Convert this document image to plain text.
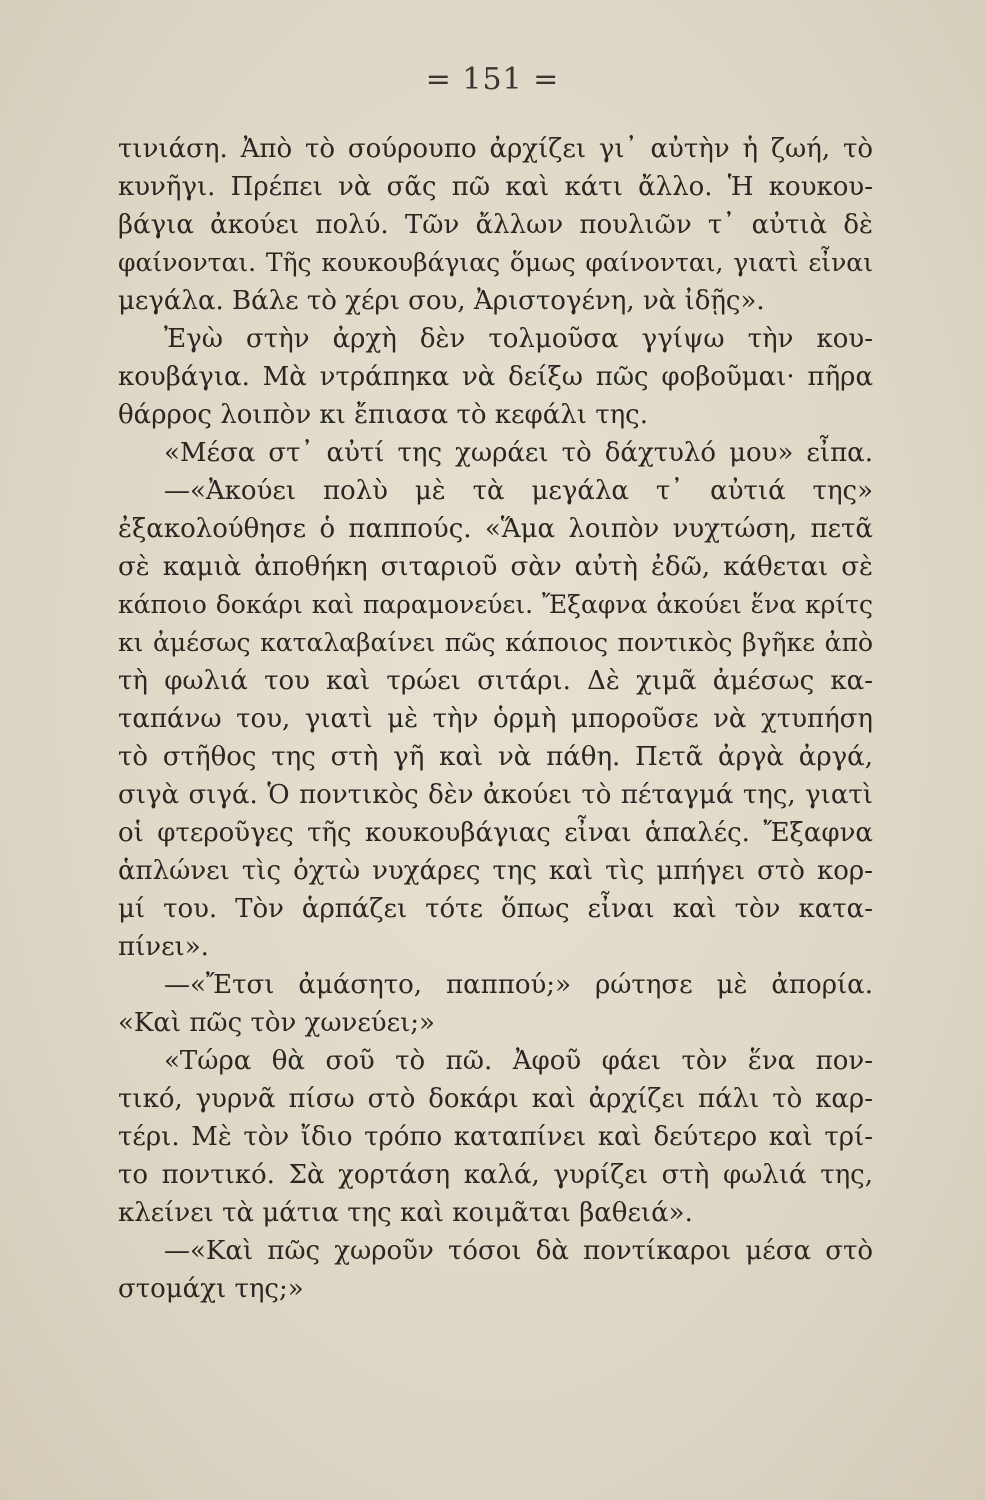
= 151 =
τινιάση. Ἀπὸ τὸ σούρουπο ἀρχίζει γι᾽ αὐτὴν ἡ ζωή, τὸ
κυνῆγι. Πρέπει νὰ σᾶς πῶ καὶ κάτι ἄλλο. Ἡ κουκου-
βάγια ἀκούει πολύ. Τῶν ἄλλων πουλιῶν τ᾽ αὐτιὰ δὲ
φαίνονται. Τῆς κουκουβάγιας ὅμως φαίνονται, γιατὶ εἶναι
μεγάλα. Βάλε τὸ χέρι σου, Ἀριστογένη, νὰ ἰδῇς».
Ἐγὼ στὴν ἀρχὴ δὲν τολμοῦσα γγίψω τὴν κου-
κουβάγια. Μὰ ντράπηκα νὰ δείξω πῶς φοβοῦμαι· πῆρα
θάρρος λοιπὸν κι ἔπιασα τὸ κεφάλι της.
«Μέσα στ᾽ αὐτί της χωράει τὸ δάχτυλό μου» εἶπα.
—«Ἀκούει πολὺ μὲ τὰ μεγάλα τ᾽ αὐτιά της»
ἐξακολούθησε ὁ παππούς. «Ἅμα λοιπὸν νυχτώση, πετᾶ
σὲ καμιὰ ἀποθήκη σιταριοῦ σὰν αὐτὴ ἐδῶ, κάθεται σὲ
κάποιο δοκάρι καὶ παραμονεύει. Ἔξαφνα ἀκούει ἕνα κρίτς
κι ἀμέσως καταλαβαίνει πῶς κάποιος ποντικὸς βγῆκε ἀπὸ
τὴ φωλιά του καὶ τρώει σιτάρι. Δὲ χιμᾶ ἀμέσως κα-
ταπάνω του, γιατὶ μὲ τὴν ὁρμὴ μποροῦσε νὰ χτυπήση
τὸ στῆθος της στὴ γῆ καὶ νὰ πάθη. Πετᾶ ἀργὰ ἀργά,
σιγὰ σιγά. Ὁ ποντικὸς δὲν ἀκούει τὸ πέταγμά της, γιατὶ
οἱ φτεροῦγες τῆς κουκουβάγιας εἶναι ἁπαλές. Ἔξαφνα
ἁπλώνει τὶς ὀχτὼ νυχάρες της καὶ τὶς μπήγει στὸ κορ-
μί του. Τὸν ἁρπάζει τότε ὅπως εἶναι καὶ τὸν κατα-
πίνει».
—«Ἔτσι ἀμάσητο, παππού;» ρώτησε μὲ ἀπορία.
«Καὶ πῶς τὸν χωνεύει;»
«Τώρα θὰ σοῦ τὸ πῶ. Ἀφοῦ φάει τὸν ἕνα πον-
τικό, γυρνᾶ πίσω στὸ δοκάρι καὶ ἀρχίζει πάλι τὸ καρ-
τέρι. Μὲ τὸν ἴδιο τρόπο καταπίνει καὶ δεύτερο καὶ τρί-
το ποντικό. Σὰ χορτάση καλά, γυρίζει στὴ φωλιά της,
κλείνει τὰ μάτια της καὶ κοιμᾶται βαθειά».
—«Καὶ πῶς χωροῦν τόσοι δὰ ποντίκαροι μέσα στὸ
στομάχι της;»
